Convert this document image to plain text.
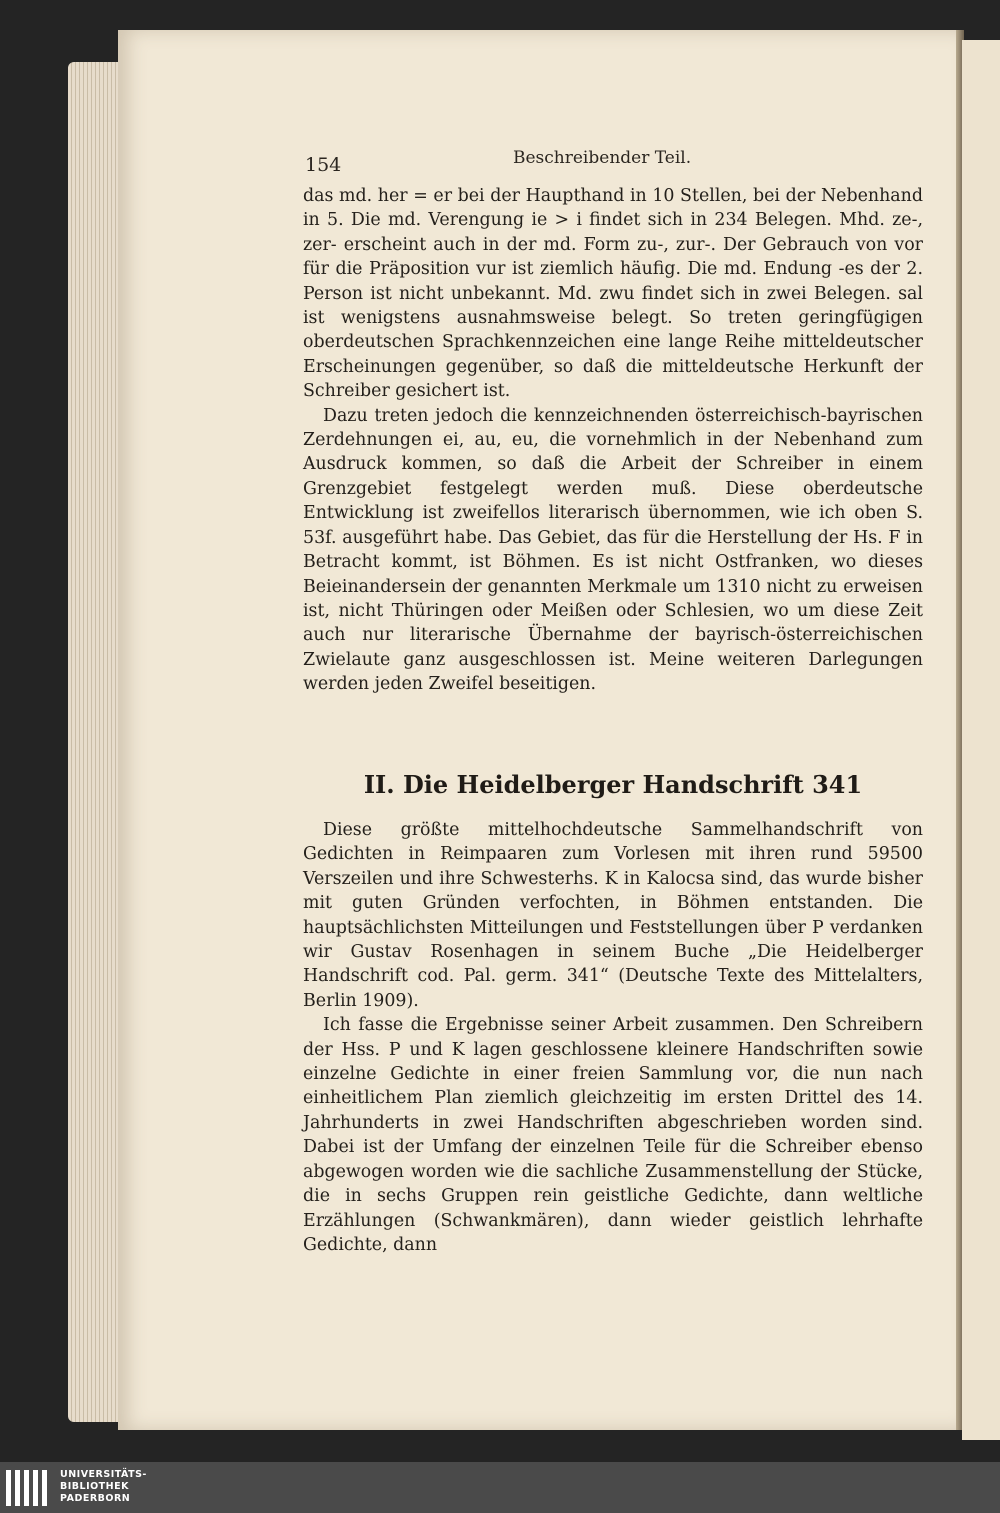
154	Beschreibender Teil.

das md. her = er bei der Haupthand in 10 Stellen, bei der Nebenhand in 5. Die md. Verengung ie > i findet sich in 234 Belegen. Mhd. ze-, zer- erscheint auch in der md. Form zu-, zur-. Der Gebrauch von vor für die Präposition vur ist ziemlich häufig. Die md. Endung -es der 2. Person ist nicht unbekannt. Md. zwu findet sich in zwei Belegen. sal ist wenigstens ausnahmsweise belegt. So treten geringfügigen oberdeutschen Sprachkennzeichen eine lange Reihe mitteldeutscher Erscheinungen gegenüber, so daß die mitteldeutsche Herkunft der Schreiber gesichert ist.

Dazu treten jedoch die kennzeichnenden österreichisch-bayrischen Zerdehnungen ei, au, eu, die vornehmlich in der Nebenhand zum Ausdruck kommen, so daß die Arbeit der Schreiber in einem Grenzgebiet festgelegt werden muß. Diese oberdeutsche Entwicklung ist zweifellos literarisch übernommen, wie ich oben S. 53f. ausgeführt habe. Das Gebiet, das für die Herstellung der Hs. F in Betracht kommt, ist Böhmen. Es ist nicht Ostfranken, wo dieses Beieinandersein der genannten Merkmale um 1310 nicht zu erweisen ist, nicht Thüringen oder Meißen oder Schlesien, wo um diese Zeit auch nur literarische Übernahme der bayrisch-österreichischen Zwielaute ganz ausgeschlossen ist. Meine weiteren Darlegungen werden jeden Zweifel beseitigen.

II. Die Heidelberger Handschrift 341

Diese größte mittelhochdeutsche Sammelhandschrift von Gedichten in Reimpaaren zum Vorlesen mit ihren rund 59500 Verszeilen und ihre Schwesterhs. K in Kalocsa sind, das wurde bisher mit guten Gründen verfochten, in Böhmen entstanden. Die hauptsächlichsten Mitteilungen und Feststellungen über P verdanken wir Gustav Rosenhagen in seinem Buche „Die Heidelberger Handschrift cod. Pal. germ. 341“ (Deutsche Texte des Mittelalters, Berlin 1909).

Ich fasse die Ergebnisse seiner Arbeit zusammen. Den Schreibern der Hss. P und K lagen geschlossene kleinere Handschriften sowie einzelne Gedichte in einer freien Sammlung vor, die nun nach einheitlichem Plan ziemlich gleichzeitig im ersten Drittel des 14. Jahrhunderts in zwei Handschriften abgeschrieben worden sind. Dabei ist der Umfang der einzelnen Teile für die Schreiber ebenso abgewogen worden wie die sachliche Zusammenstellung der Stücke, die in sechs Gruppen rein geistliche Gedichte, dann weltliche Erzählungen (Schwankmären), dann wieder geistlich lehrhafte Gedichte, dann

UNIVERSITÄTS-
BIBLIOTHEK
PADERBORN
